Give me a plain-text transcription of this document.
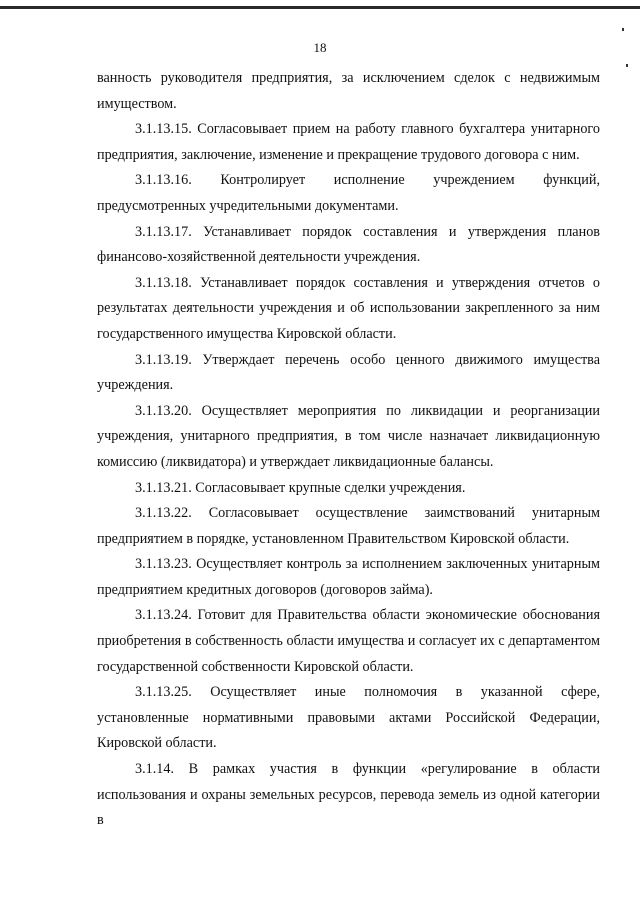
18

ванность руководителя предприятия, за исключением сделок с недвижимым имуществом.

3.1.13.15. Согласовывает прием на работу главного бухгалтера унитарного предприятия, заключение, изменение и прекращение трудового договора с ним.

3.1.13.16. Контролирует исполнение учреждением функций, предусмотренных учредительными документами.

3.1.13.17. Устанавливает порядок составления и утверждения планов финансово-хозяйственной деятельности учреждения.

3.1.13.18. Устанавливает порядок составления и утверждения отчетов о результатах деятельности учреждения и об использовании закрепленного за ним государственного имущества Кировской области.

3.1.13.19. Утверждает перечень особо ценного движимого имущества учреждения.

3.1.13.20. Осуществляет мероприятия по ликвидации и реорганизации учреждения, унитарного предприятия, в том числе назначает ликвидационную комиссию (ликвидатора) и утверждает ликвидационные балансы.

3.1.13.21. Согласовывает крупные сделки учреждения.

3.1.13.22. Согласовывает осуществление заимствований унитарным предприятием в порядке, установленном Правительством Кировской области.

3.1.13.23. Осуществляет контроль за исполнением заключенных унитарным предприятием кредитных договоров (договоров займа).

3.1.13.24. Готовит для Правительства области экономические обоснования приобретения в собственность области имущества и согласует их с департаментом государственной собственности Кировской области.

3.1.13.25. Осуществляет иные полномочия в указанной сфере, установленные нормативными правовыми актами Российской Федерации, Кировской области.

3.1.14. В рамках участия в функции «регулирование в области использования и охраны земельных ресурсов, перевода земель из одной категории в
